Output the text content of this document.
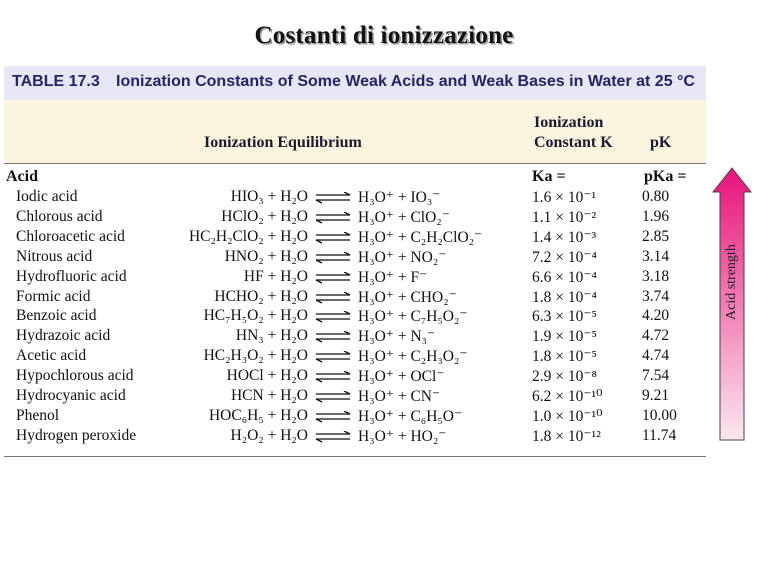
Costanti di ionizzazione
TABLE 17.3 Ionization Constants of Some Weak Acids and Weak Bases in Water at 25 °C
Ionization Equilibrium
Ionization
Constant K pK
Acid	Ka =	pKa =
Iodic acid	HIO₃ + H₂O ⇌ H₃O⁺ + IO₃⁻	1.6 × 10⁻¹	0.80
Chlorous acid	HClO₂ + H₂O ⇌ H₃O⁺ + ClO₂⁻	1.1 × 10⁻²	1.96
Chloroacetic acid	HC₂H₂ClO₂ + H₂O ⇌ H₃O⁺ + C₂H₂ClO₂⁻	1.4 × 10⁻³	2.85
Nitrous acid	HNO₂ + H₂O ⇌ H₃O⁺ + NO₂⁻	7.2 × 10⁻⁴	3.14
Hydrofluoric acid	HF + H₂O ⇌ H₃O⁺ + F⁻	6.6 × 10⁻⁴	3.18
Formic acid	HCHO₂ + H₂O ⇌ H₃O⁺ + CHO₂⁻	1.8 × 10⁻⁴	3.74
Benzoic acid	HC₇H₅O₂ + H₂O ⇌ H₃O⁺ + C₇H₅O₂⁻	6.3 × 10⁻⁵	4.20
Hydrazoic acid	HN₃ + H₂O ⇌ H₃O⁺ + N₃⁻	1.9 × 10⁻⁵	4.72
Acetic acid	HC₂H₃O₂ + H₂O ⇌ H₃O⁺ + C₂H₃O₂⁻	1.8 × 10⁻⁵	4.74
Hypochlorous acid	HOCl + H₂O ⇌ H₃O⁺ + OCl⁻	2.9 × 10⁻⁸	7.54
Hydrocyanic acid	HCN + H₂O ⇌ H₃O⁺ + CN⁻	6.2 × 10⁻¹⁰	9.21
Phenol	HOC₆H₅ + H₂O ⇌ H₃O⁺ + C₆H₅O⁻	1.0 × 10⁻¹⁰	10.00
Hydrogen peroxide	H₂O₂ + H₂O ⇌ H₃O⁺ + HO₂⁻	1.8 × 10⁻¹²	11.74
Acid strength
